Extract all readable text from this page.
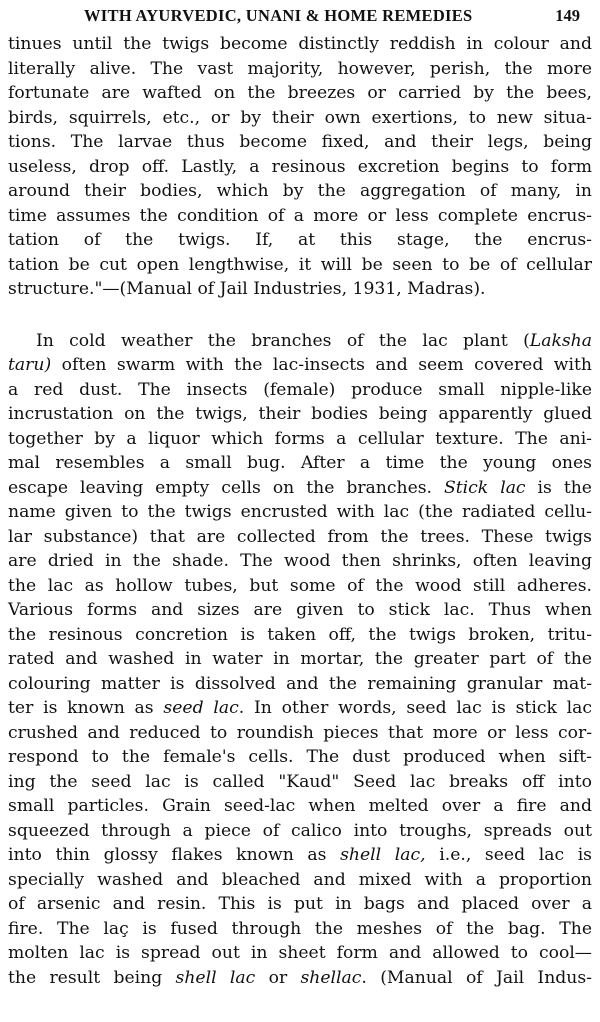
WITH AYURVEDIC, UNANI & HOME REMEDIES	149
tinues until the twigs become distinctly reddish in colour and
literally alive. The vast majority, however, perish, the more
fortunate are wafted on the breezes or carried by the bees,
birds, squirrels, etc., or by their own exertions, to new situa-
tions. The larvae thus become fixed, and their legs, being
useless, drop off. Lastly, a resinous excretion begins to form
around their bodies, which by the aggregation of many, in
time assumes the condition of a more or less complete encrus-
tation of the twigs. If, at this stage, the encrus-
tation be cut open lengthwise, it will be seen to be of cellular
structure."—(Manual of Jail Industries, 1931, Madras).
In cold weather the branches of the lac plant (Laksha
taru) often swarm with the lac-insects and seem covered with
a red dust. The insects (female) produce small nipple-like
incrustation on the twigs, their bodies being apparently glued
together by a liquor which forms a cellular texture. The ani-
mal resembles a small bug. After a time the young ones
escape leaving empty cells on the branches. Stick lac is the
name given to the twigs encrusted with lac (the radiated cellu-
lar substance) that are collected from the trees. These twigs
are dried in the shade. The wood then shrinks, often leaving
the lac as hollow tubes, but some of the wood still adheres.
Various forms and sizes are given to stick lac. Thus when
the resinous concretion is taken off, the twigs broken, tritu-
rated and washed in water in mortar, the greater part of the
colouring matter is dissolved and the remaining granular mat-
ter is known as seed lac. In other words, seed lac is stick lac
crushed and reduced to roundish pieces that more or less cor-
respond to the female's cells. The dust produced when sift-
ing the seed lac is called "Kaud" Seed lac breaks off into
small particles. Grain seed-lac when melted over a fire and
squeezed through a piece of calico into troughs, spreads out
into thin glossy flakes known as shell lac, i.e., seed lac is
specially washed and bleached and mixed with a proportion
of arsenic and resin. This is put in bags and placed over a
fire. The laç is fused through the meshes of the bag. The
molten lac is spread out in sheet form and allowed to cool—
the result being shell lac or shellac. (Manual of Jail Indus-
